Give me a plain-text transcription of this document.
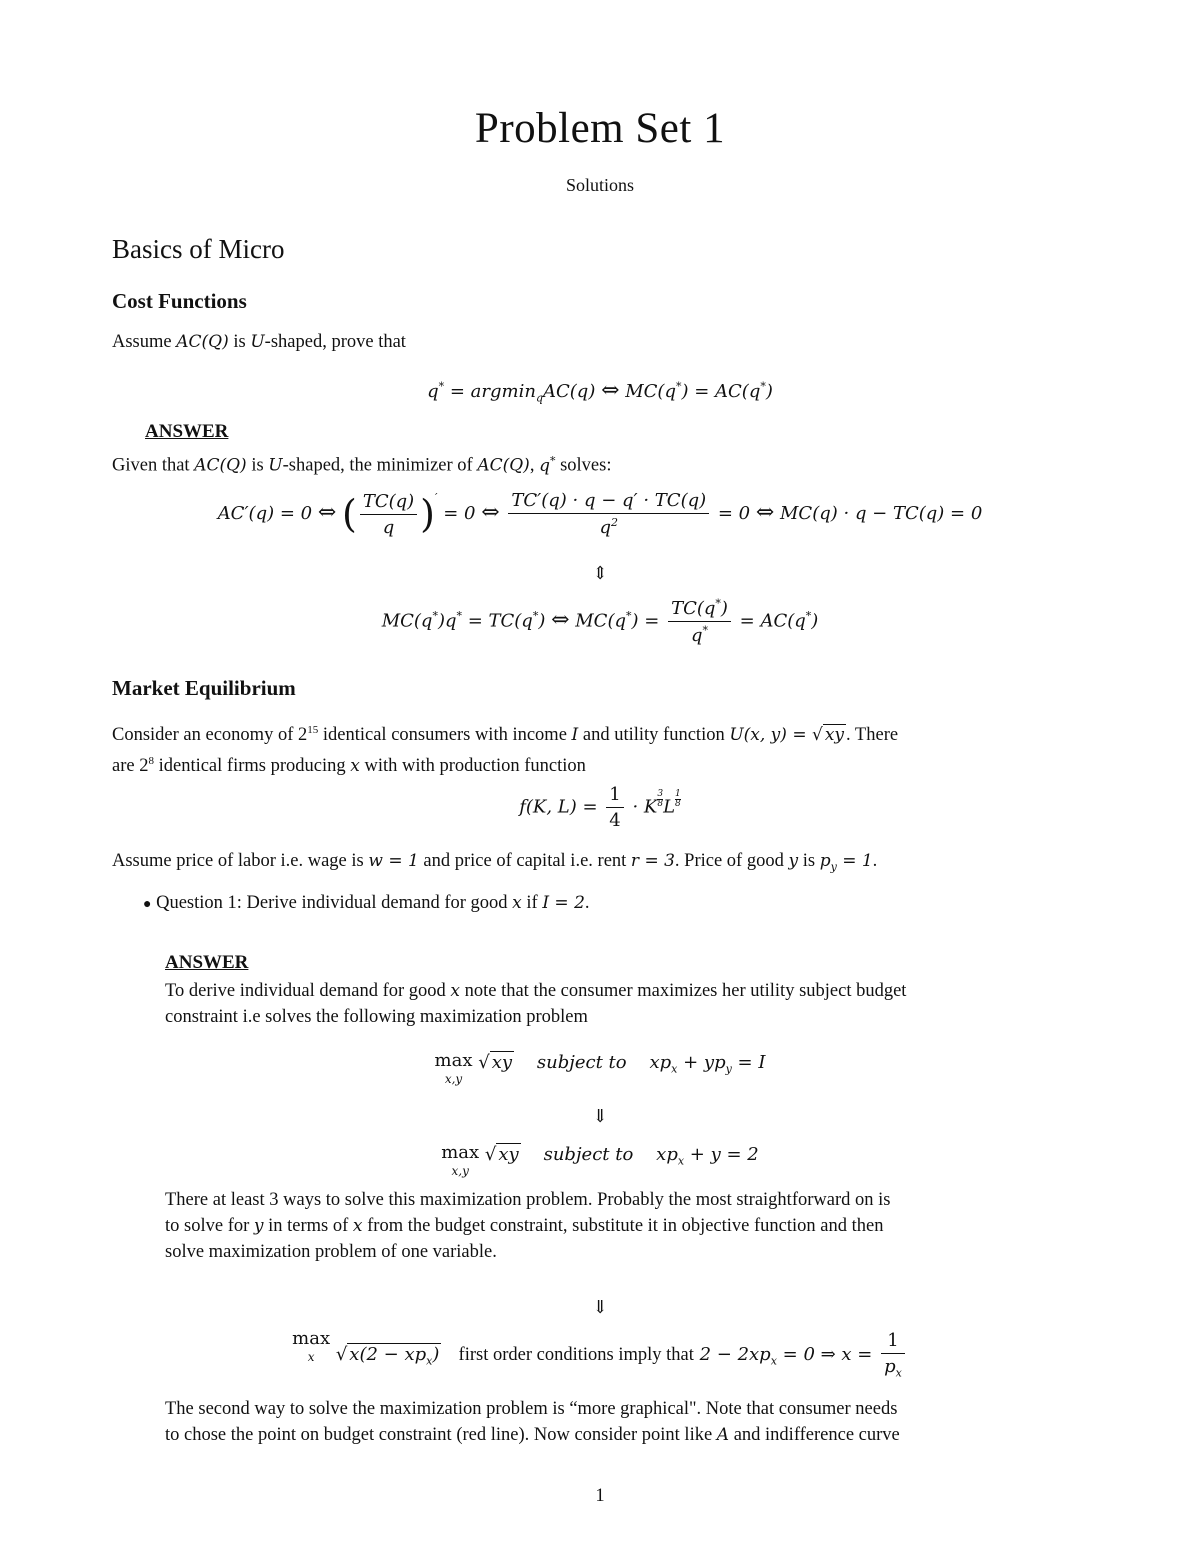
Problem Set 1
Solutions
Basics of Micro
Cost Functions
Assume AC(Q) is U-shaped, prove that
q* = argmin$_q$AC(q) ⇔ MC(q*) = AC(q*)
ANSWER
Given that AC(Q) is U-shaped, the minimizer of AC(Q), q* solves:
AC′(q) = 0 ⇔ ( $\frac{TC(q)}{q} )' = 0$ ⇔ $\frac{TC'(q) \cdot q - q' \cdot TC(q)}{q^2} = 0$ ⇔ MC(q) · q − TC(q) = 0
⇕
MC(q*)q* = TC(q*) ⇔ $MC(q^*) = \frac{TC(q^*)}{q^*} = AC(q^*)$
Market Equilibrium
Consider an economy of $2^{15}$ identical consumers with income I and utility function U(x, y) = √ xy . There
are $2^8$ identical firms producing x with with production function
f(K, $L) = \frac{1}{4} \cdot K \frac{3}{8}$ L $\frac{1}{8}$
Assume price of labor i.e. wage is w = 1 and price of capital i.e. rent r = 3. Price of good y is $p_y = 1$.
● Question 1: Derive individual demand for good x if I = 2.
ANSWER
To derive individual demand for good x note that the consumer maximizes her utility subject budget
constraint i.e solves the following maximization problem
max
x,y
√ xy    subject to    $xp_x + yp_y = I$
⇓
max
x,y
√ xy    subject to    $xp_x + y = 2$
There at least 3 ways to solve this maximization problem. Probably the most straightforward on is
to solve for y in terms of x from the budget constraint, substitute it in objective function and then
solve maximization problem of one variable.
⇓
max
x √ $x(2 - xp_x)$ first order conditions imply that $2 - 2xp_x = 0$ ⇒ $x = \frac{1}{p_x}$
The second way to solve the maximization problem is “more graphical". Note that consumer needs
to chose the point on budget constraint (red line). Now consider point like A and indifference curve
1
